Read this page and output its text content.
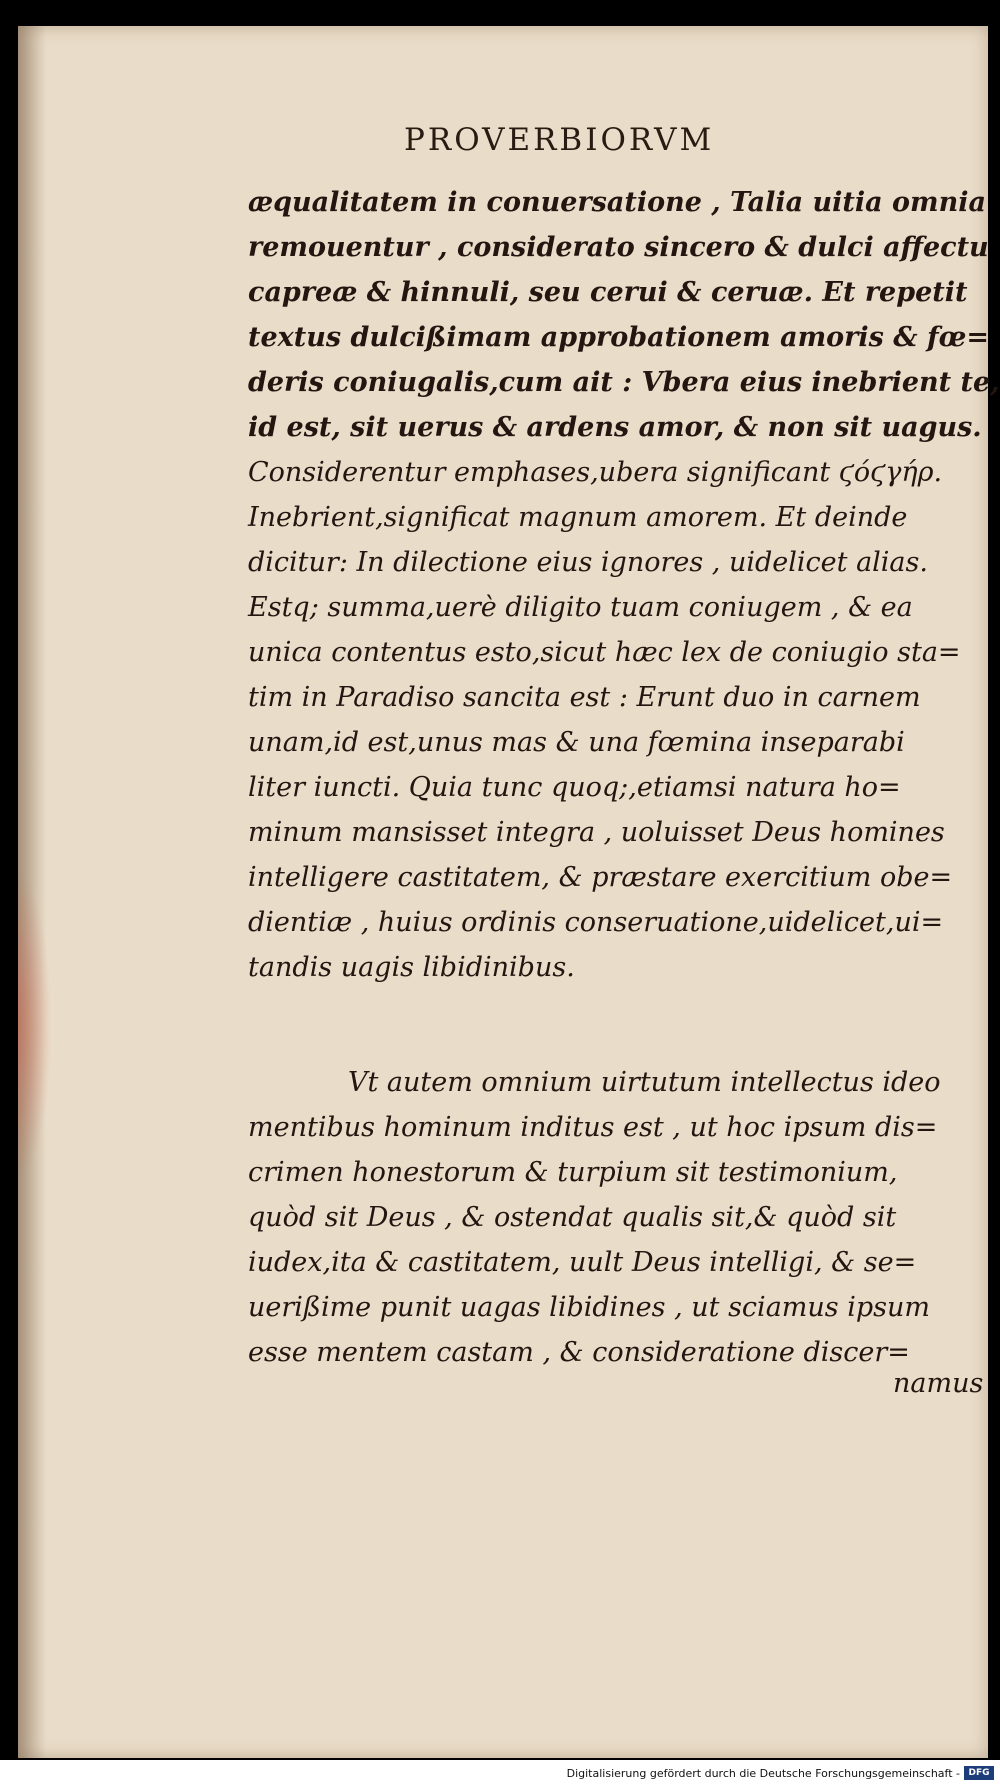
PROVERBIORVM
æqualitatem in conuersatione , Talia uitia omnia
remouentur , considerato sincero & dulci affectu
capreæ & hinnuli, seu cerui & ceruæ. Et repetit
textus dulcißimam approbationem amoris & fœ=
deris coniugalis,cum ait : Vbera eius inebrient te,
id est, sit uerus & ardens amor, & non sit uagus.
Considerentur emphases,ubera significant ϛόϛγήρ.
Inebrient,significat magnum amorem. Et deinde
dicitur: In dilectione eius ignores , uidelicet alias.
Estq; summa,uerè diligito tuam coniugem , & ea
unica contentus esto,sicut hæc lex de coniugio sta=
tim in Paradiso sancita est : Erunt duo in carnem
unam,id est,unus mas & una fœmina inseparabi
liter iuncti. Quia tunc quoq;,etiamsi natura ho=
minum mansisset integra , uoluisset Deus homines
intelligere castitatem, & præstare exercitium obe=
dientiæ , huius ordinis conseruatione,uidelicet,ui=
tandis uagis libidinibus.
Vt autem omnium uirtutum intellectus ideo
mentibus hominum inditus est , ut hoc ipsum dis=
crimen honestorum & turpium sit testimonium,
quòd sit Deus , & ostendat qualis sit,& quòd sit
iudex,ita & castitatem, uult Deus intelligi, & se=
uerißime punit uagas libidines , ut sciamus ipsum
esse mentem castam , & consideratione discer=
namus
Digitalisierung gefördert durch die Deutsche Forschungsgemeinschaft - DFG
